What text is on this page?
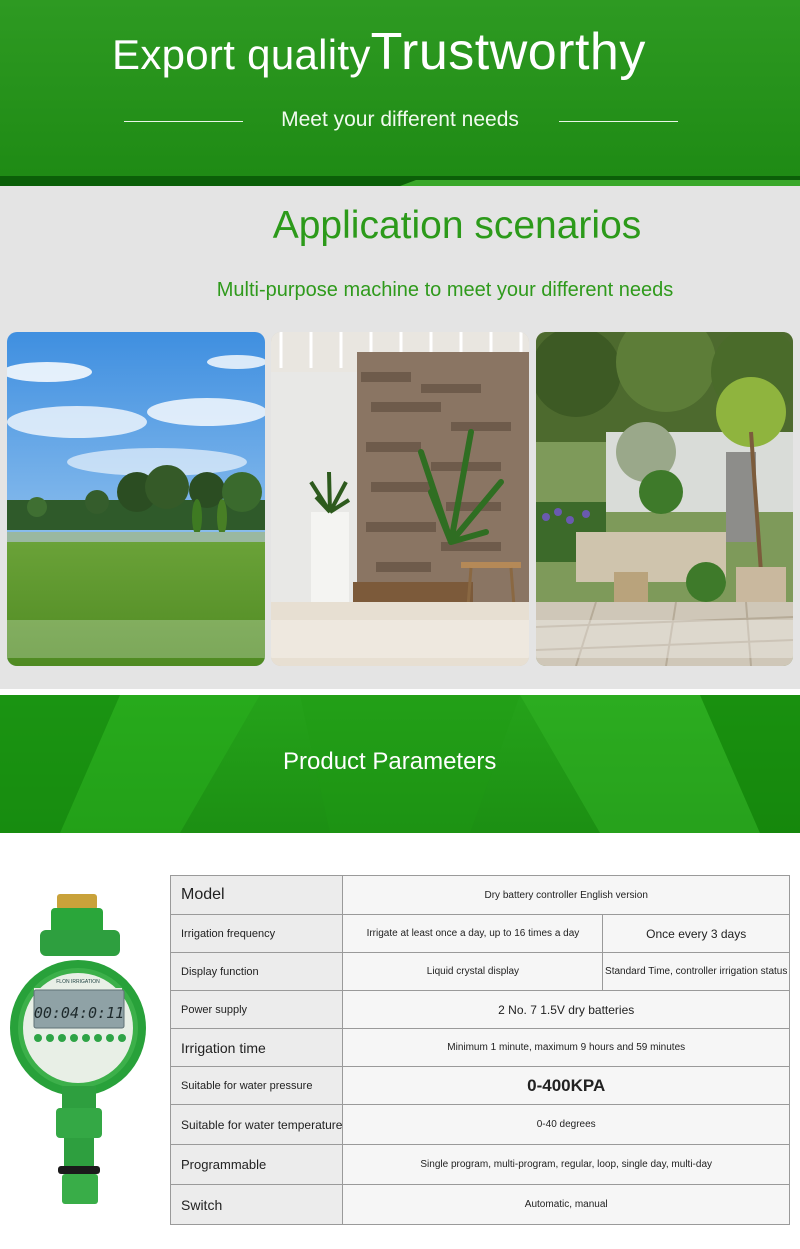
Export qualityTrustworthy
Meet your different needs
Application scenarios
Multi-purpose machine to meet your different needs
Product Parameters
FLON IRRIGATION
00:04:0:11
Model	Dry battery controller English version	
Irrigation frequency	Irrigate at least once a day, up to 16 times a day	Once every 3 days
Display function	Liquid crystal display	Standard Time, controller irrigation status
Power supply	2 No. 7 1.5V dry batteries	
Irrigation time	Minimum 1 minute, maximum 9 hours and 59 minutes	
Suitable for water pressure	0-400KPA	
Suitable for water temperature	0-40 degrees	
Programmable	Single program, multi-program, regular, loop, single day, multi-day	
Switch	Automatic, manual	
